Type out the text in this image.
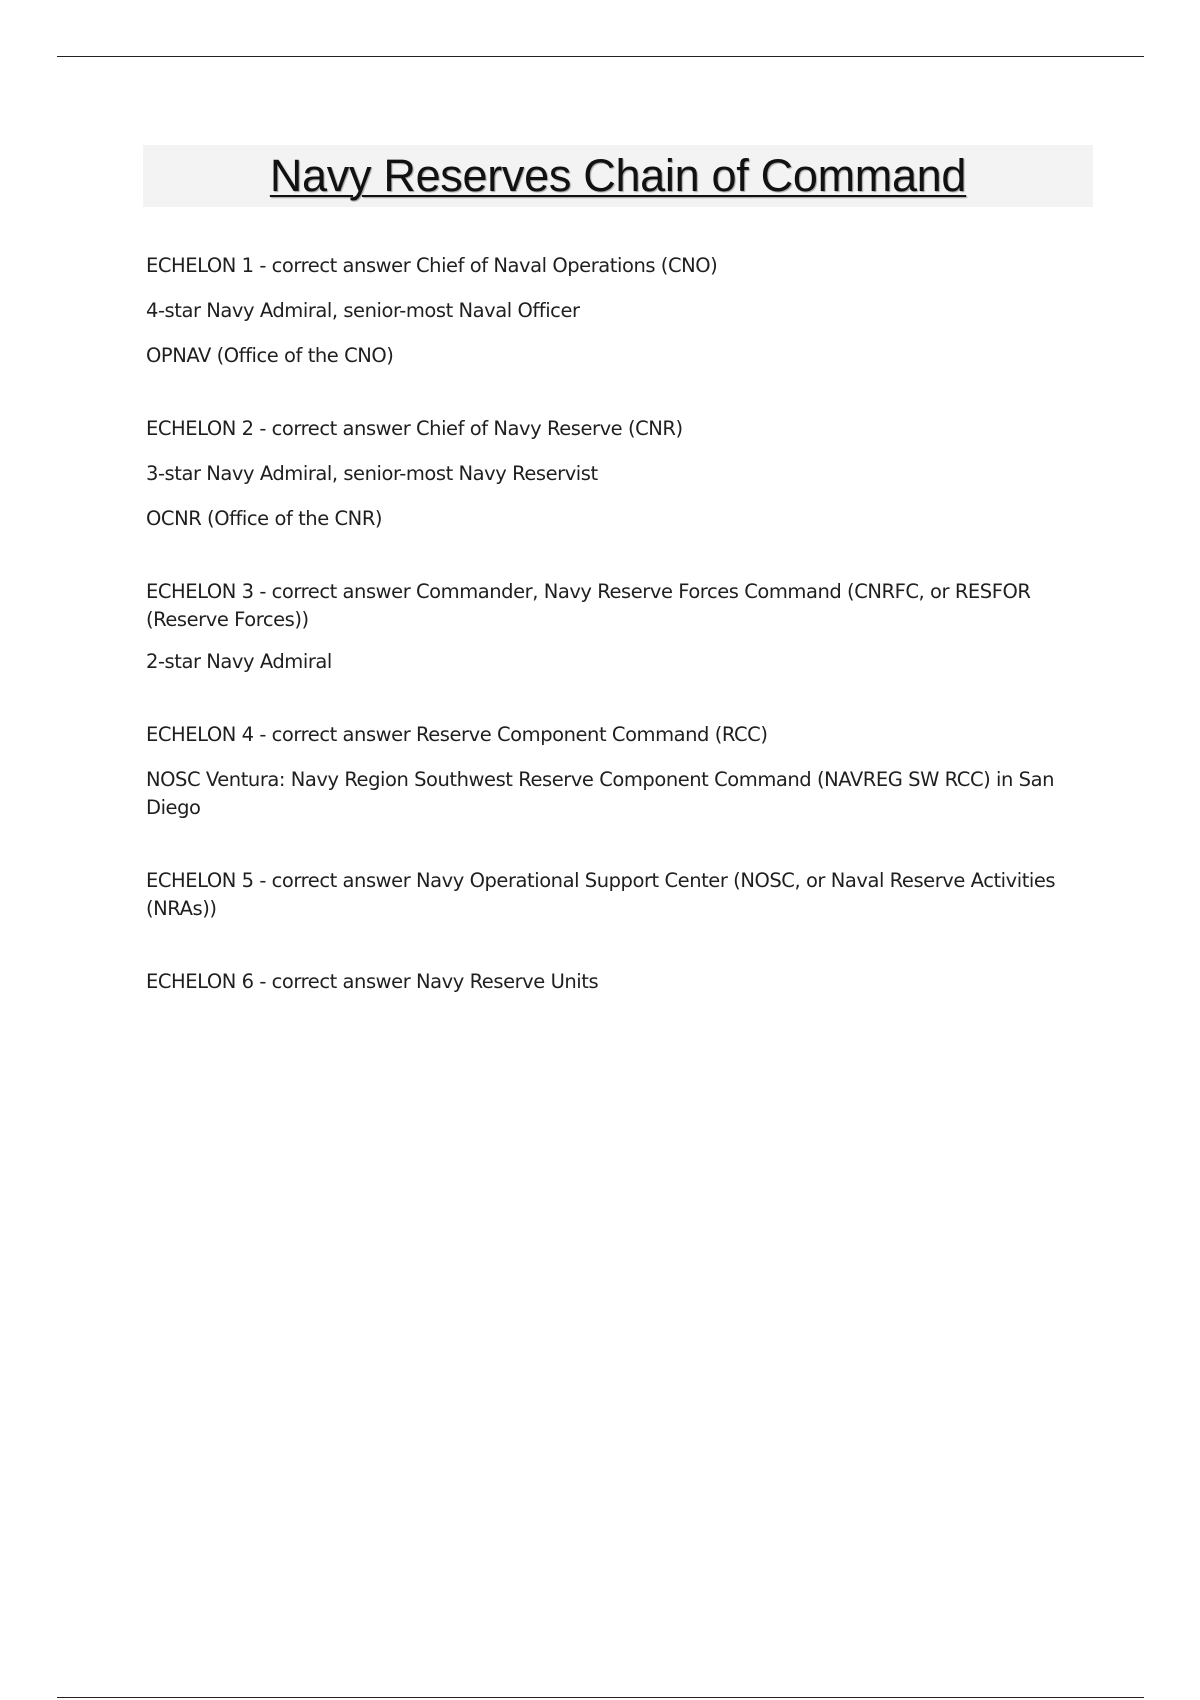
Navy Reserves Chain of Command

ECHELON 1 - correct answer Chief of Naval Operations (CNO)

4-star Navy Admiral, senior-most Naval Officer

OPNAV (Office of the CNO)

ECHELON 2 - correct answer Chief of Navy Reserve (CNR)

3-star Navy Admiral, senior-most Navy Reservist

OCNR (Office of the CNR)

ECHELON 3 - correct answer Commander, Navy Reserve Forces Command (CNRFC, or RESFOR (Reserve Forces))

2-star Navy Admiral

ECHELON 4 - correct answer Reserve Component Command (RCC)

NOSC Ventura: Navy Region Southwest Reserve Component Command (NAVREG SW RCC) in San Diego

ECHELON 5 - correct answer Navy Operational Support Center (NOSC, or Naval Reserve Activities (NRAs))

ECHELON 6 - correct answer Navy Reserve Units
